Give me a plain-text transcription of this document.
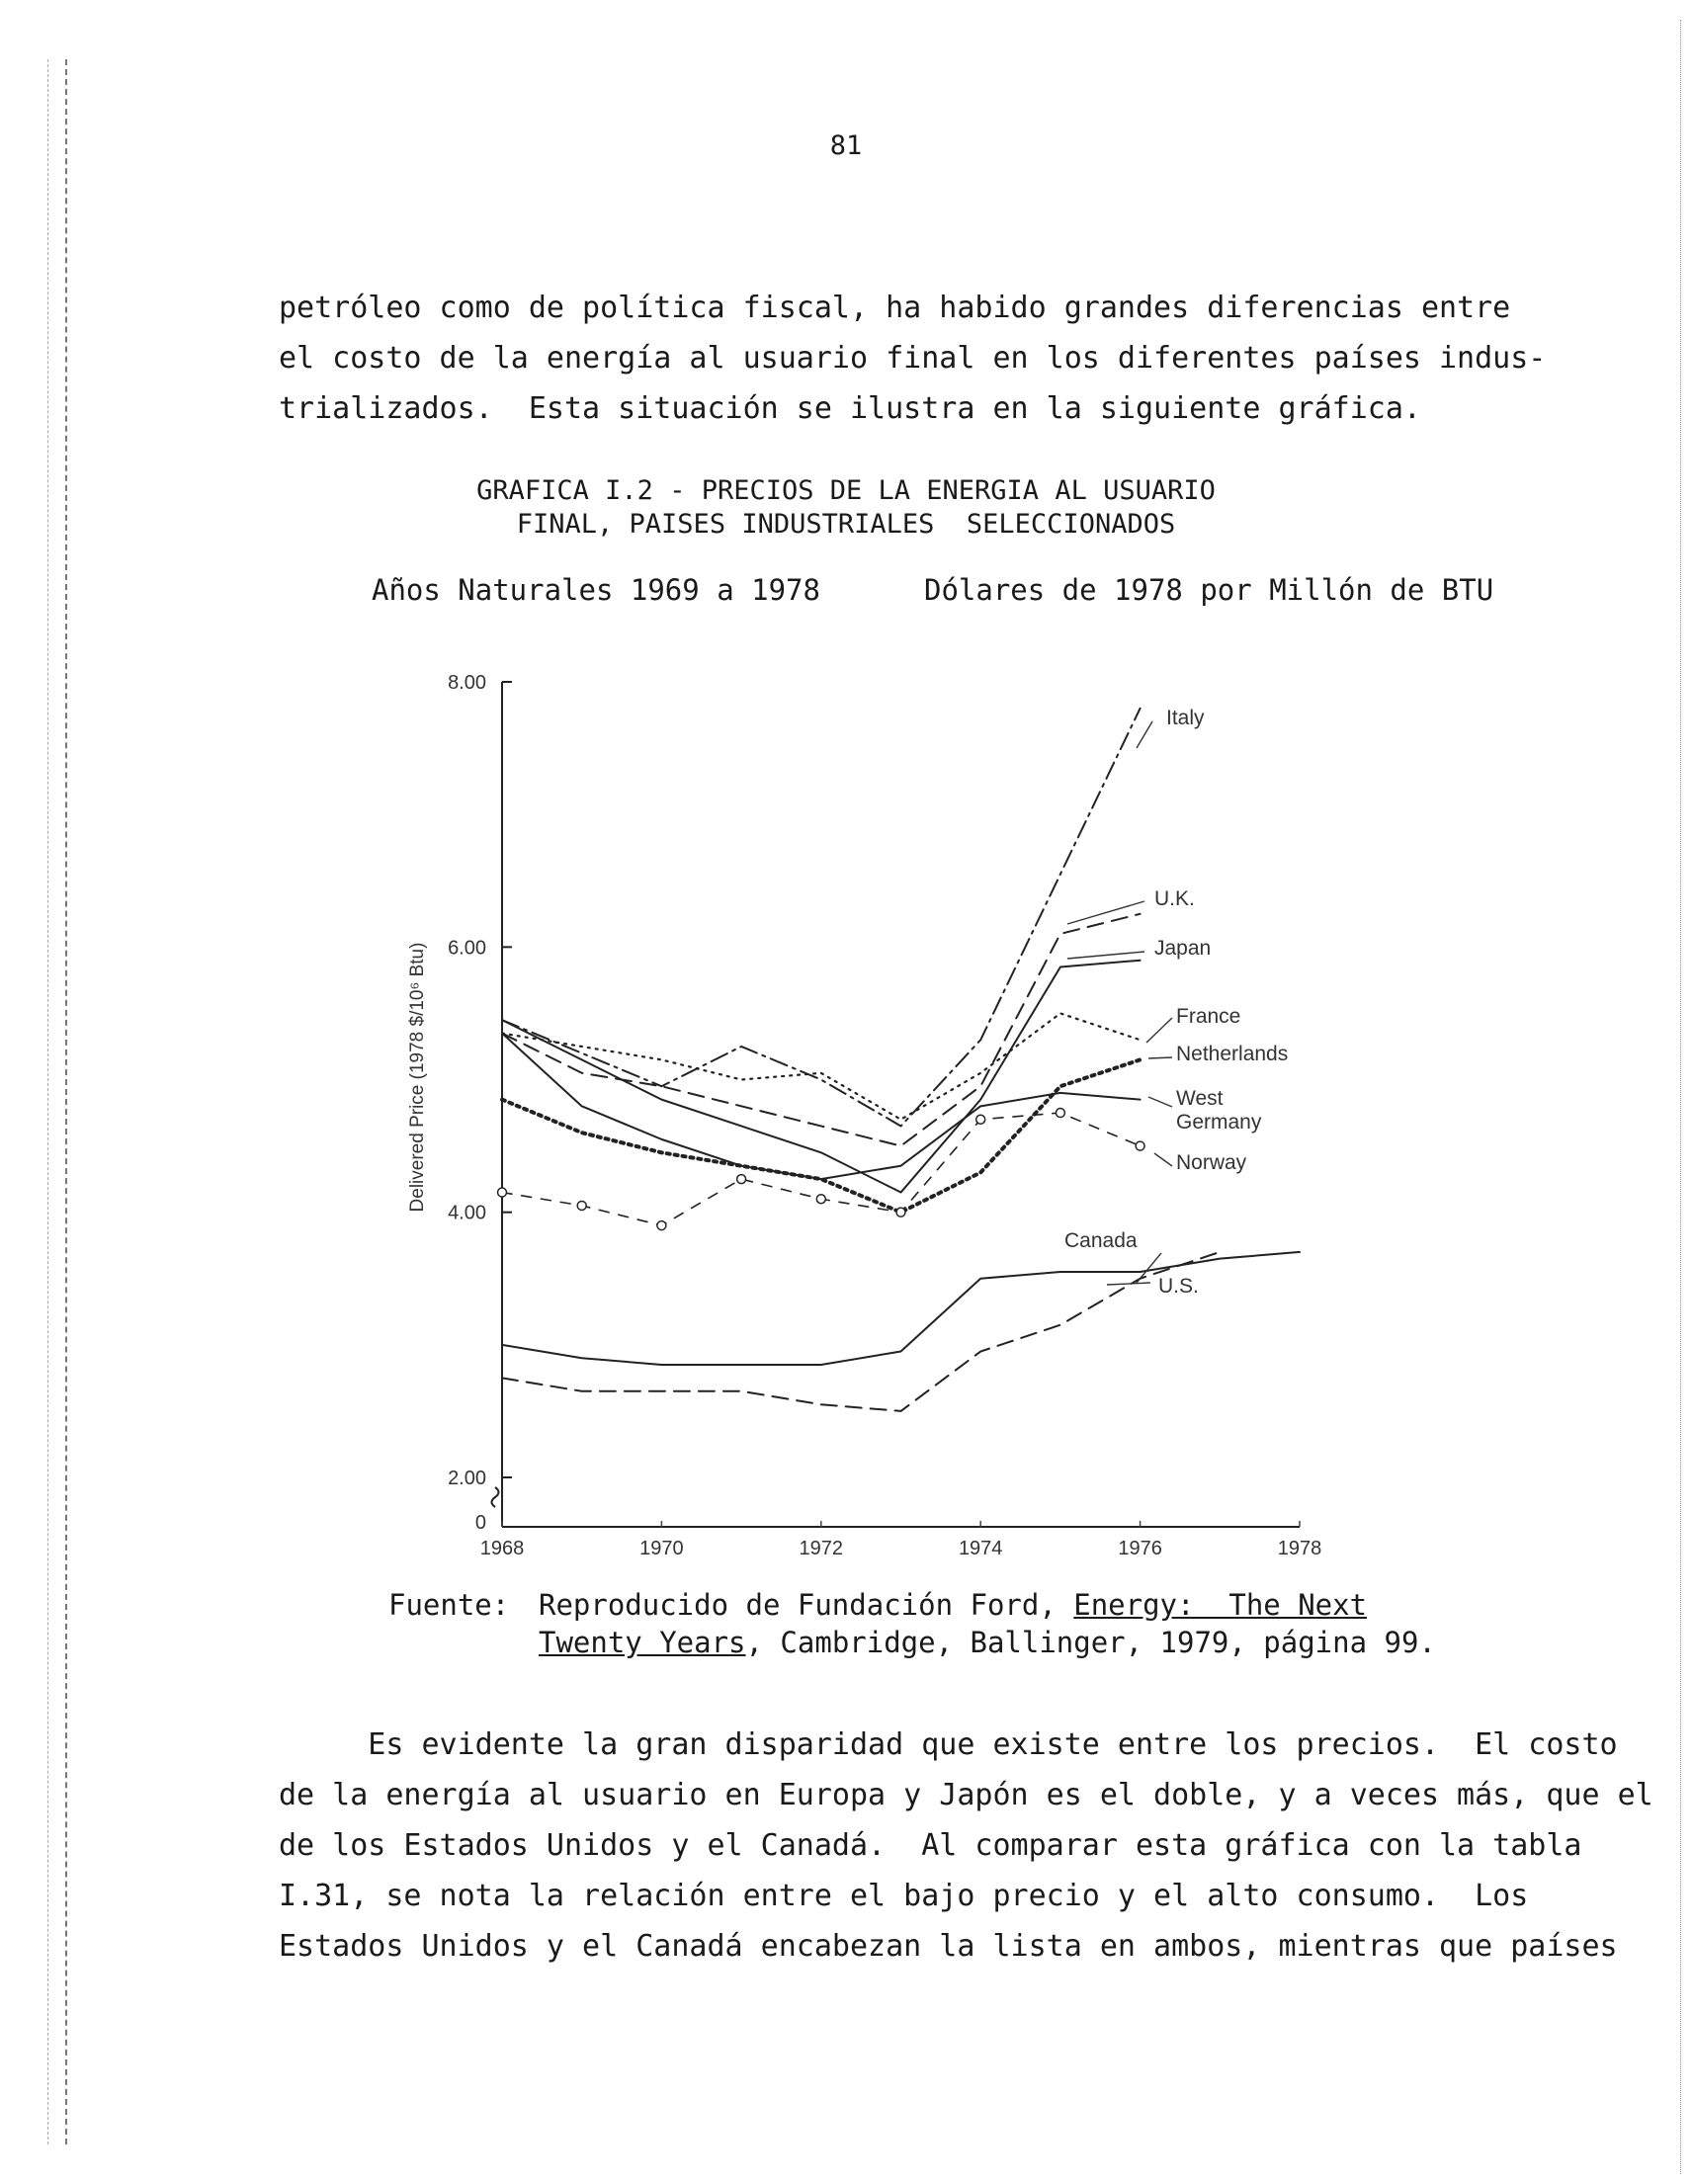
81

petróleo como de política fiscal, ha habido grandes diferencias entre
el costo de la energía al usuario final en los diferentes países indus-
trializados.  Esta situación se ilustra en la siguiente gráfica.

GRAFICA I.2 - PRECIOS DE LA ENERGIA AL USUARIO
FINAL, PAISES INDUSTRIALES  SELECCIONADOS
Años Naturales 1969 a 1978	Dólares de 1978 por Millón de BTU
2.00
4.00
6.00
8.00
0
1968	1970	1972	1974	1976	1978
Delivered Price (1978 $/10⁶ Btu)
Italy
U.K.
Japan
France
Netherlands
West
Germany
Norway
Canada
U.S.
Fuente: Reproducido de Fundación Ford, Energy:  The Next
Twenty Years, Cambridge, Ballinger, 1979, página 99.

Es evidente la gran disparidad que existe entre los precios.  El costo
de la energía al usuario en Europa y Japón es el doble, y a veces más, que el
de los Estados Unidos y el Canadá.  Al comparar esta gráfica con la tabla
I.31, se nota la relación entre el bajo precio y el alto consumo.  Los
Estados Unidos y el Canadá encabezan la lista en ambos, mientras que países
